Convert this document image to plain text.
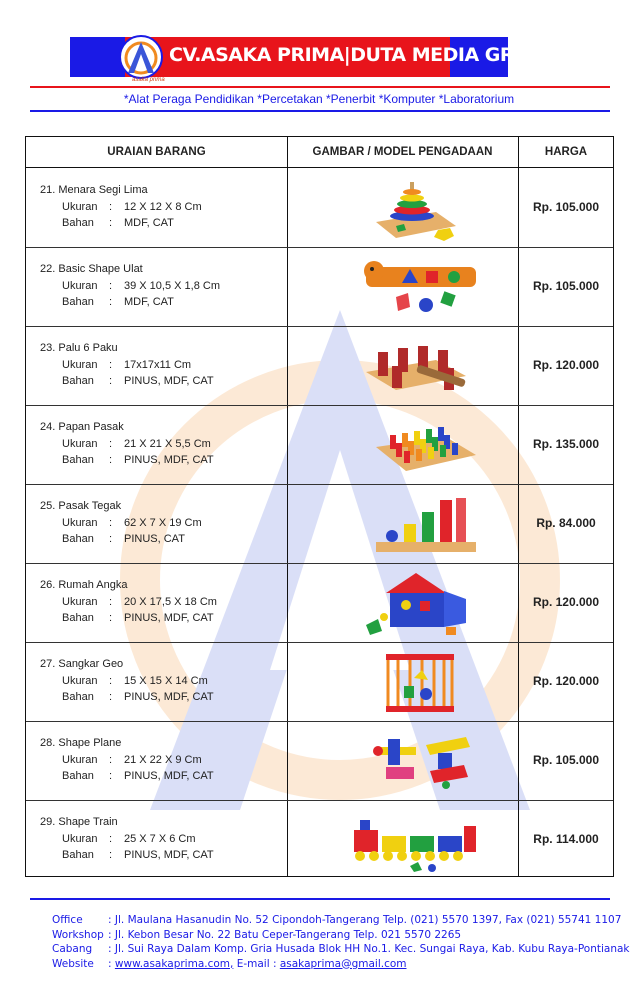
CV.ASAKA PRIMA|DUTA MEDIA GROUP
asaka prima
*Alat Peraga Pendidikan *Percetakan *Penerbit *Komputer *Laboratorium
URAIAN BARANG	GAMBAR / MODEL PENGADAAN	HARGA
21. Menara Segi Lima
Ukuran : 12 X 12 X 8 Cm
Bahan : MDF, CAT
Rp. 105.000
22. Basic Shape Ulat
Ukuran : 39 X 10,5 X 1,8 Cm
Bahan : MDF, CAT
Rp. 105.000
23. Palu 6 Paku
Ukuran : 17x17x11 Cm
Bahan : PINUS, MDF, CAT
Rp. 120.000
24. Papan Pasak
Ukuran : 21 X 21 X 5,5 Cm
Bahan : PINUS, MDF, CAT
Rp. 135.000
25. Pasak Tegak
Ukuran : 62 X 7 X 19 Cm
Bahan : PINUS, CAT
Rp. 84.000
26. Rumah Angka
Ukuran : 20 X 17,5 X 18 Cm
Bahan : PINUS, MDF, CAT
Rp. 120.000
27. Sangkar Geo
Ukuran : 15 X 15 X 14 Cm
Bahan : PINUS, MDF, CAT
Rp. 120.000
28. Shape Plane
Ukuran : 21 X 22 X 9 Cm
Bahan : PINUS, MDF, CAT
Rp. 105.000
29. Shape Train
Ukuran : 25 X 7 X 6 Cm
Bahan : PINUS, MDF, CAT
Rp. 114.000
Office : Jl. Maulana Hasanudin No. 52 Cipondoh-Tangerang Telp. (021) 5570 1397, Fax (021) 55741 1107
Workshop : Jl. Kebon Besar No. 22 Batu Ceper-Tangerang Telp. 021 5570 2265
Cabang : Jl. Sui Raya Dalam Komp. Gria Husada Blok HH No.1. Kec. Sungai Raya, Kab. Kubu Raya-Pontianak
Website : www.asakaprima.com, E-mail : asakaprima@gmail.com
